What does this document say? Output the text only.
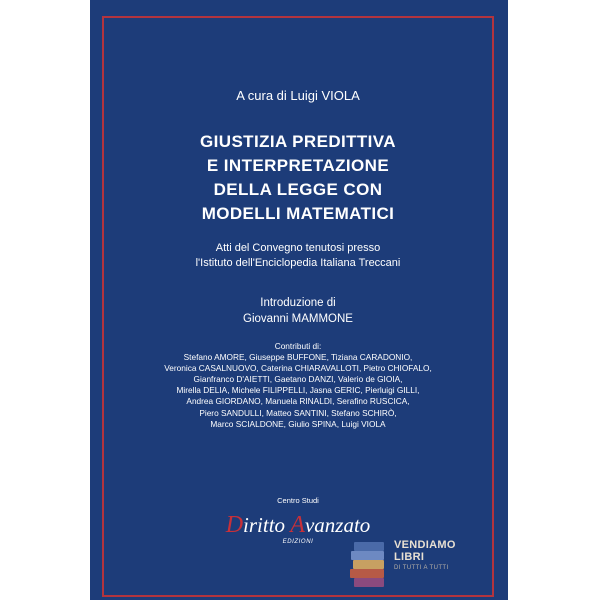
A cura di Luigi VIOLA
GIUSTIZIA PREDITTIVA
E INTERPRETAZIONE
DELLA LEGGE CON
MODELLI MATEMATICI
Atti del Convegno tenutosi presso
l'Istituto dell'Enciclopedia Italiana Treccani
Introduzione di
Giovanni MAMMONE
Contributi di:
Stefano AMORE, Giuseppe BUFFONE, Tiziana CARADONIO,
Veronica CASALNUOVO, Caterina CHIARAVALLOTI, Pietro CHIOFALO,
Gianfranco D'AIETTI, Gaetano DANZI, Valerio de GIOIA,
Mirella DELIA, Michele FILIPPELLI, Jasna GERIC, Pierluigi GILLI,
Andrea GIORDANO, Manuela RINALDI, Serafino RUSCICA,
Piero SANDULLI, Matteo SANTINI, Stefano SCHIRÒ,
Marco SCIALDONE, Giulio SPINA, Luigi VIOLA
Centro Studi
Diritto Avanzato
EDIZIONI	VENDIAMO
LIBRI
DI TUTTI A TUTTI
